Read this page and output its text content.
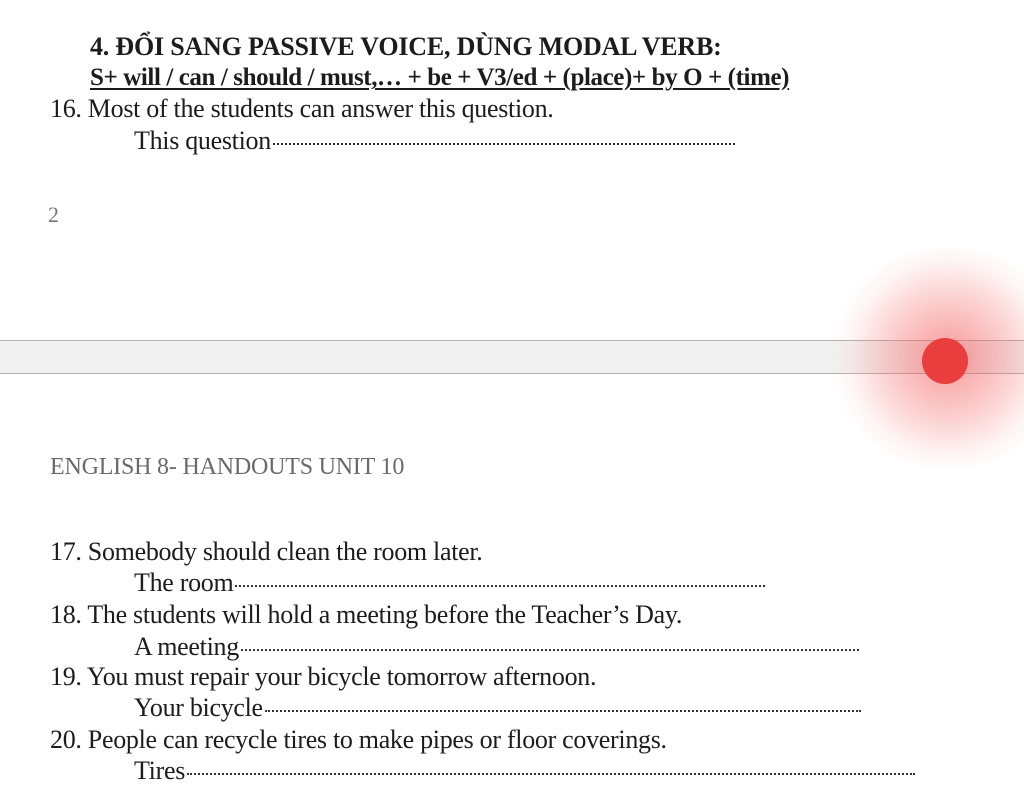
4. ĐỔI SANG PASSIVE VOICE, DÙNG MODAL VERB:
S+ will / can / should / must,… + be + V3/ed + (place)+ by O + (time)
16. Most of the students can answer this question.
This question
2
ENGLISH 8- HANDOUTS UNIT 10
17. Somebody should clean the room later.
The room
18. The students will hold a meeting before the Teacher’s Day.
A meeting
19. You must repair your bicycle tomorrow afternoon.
Your bicycle
20. People can recycle tires to make pipes or floor coverings.
Tires
